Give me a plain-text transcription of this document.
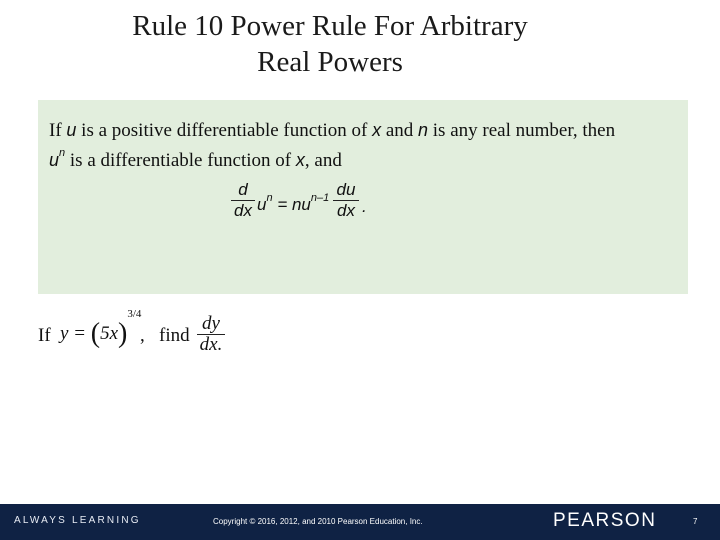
Rule 10 Power Rule For Arbitrary
Real Powers
If u is a positive differentiable function of x and n is any real number, then
$u^n$ is a differentiable function of x, and
d
dx $u^n = nu^{n-1}$ du
dx .
If $y = (5x)^{3/4}$
, find
dy
dx.
ALWAYS LEARNING	Copyright © 2016, 2012, and 2010 Pearson Education, Inc.	PEARSON	7
